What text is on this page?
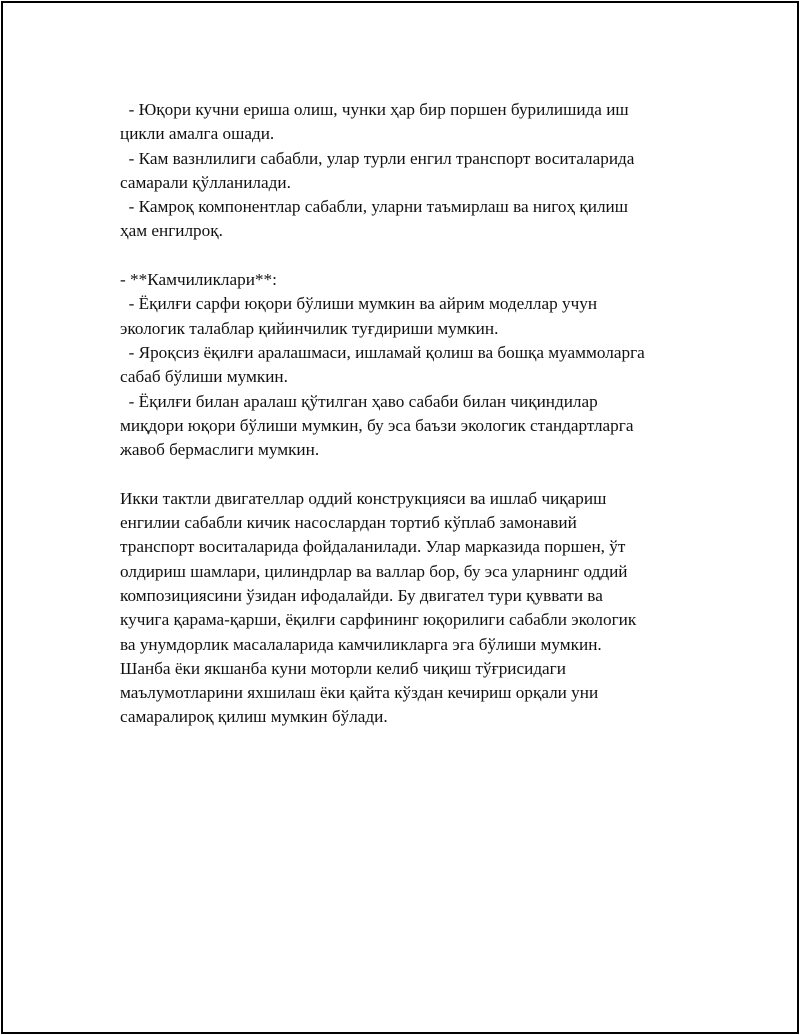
- Юқори кучни ериша олиш, чунки ҳар бир поршен бурилишида иш
цикли амалга ошади.
- Кам вазнлилиги сабабли, улар турли енгил транспорт воситаларида
самарали қўлланилади.
- Камроқ компонентлар сабабли, уларни таъмирлаш ва нигоҳ қилиш
ҳам енгилроқ.
- **Камчиликлари**:
- Ёқилғи сарфи юқори бўлиши мумкин ва айрим моделлар учун
экологик талаблар қийинчилик туғдириши мумкин.
- Яроқсиз ёқилғи аралашмаси, ишламай қолиш ва бошқа муаммоларга
сабаб бўлиши мумкин.
- Ёқилғи билан аралаш қўтилган ҳаво сабаби билан чиқиндилар
миқдори юқори бўлиши мумкин, бу эса баъзи экологик стандартларга
жавоб бермаслиги мумкин.
Икки тактли двигателлар оддий конструкцияси ва ишлаб чиқариш
енгилии сабабли кичик насослардан тортиб кўплаб замонавий
транспорт воситаларида фойдаланилади. Улар марказида поршен, ўт
олдириш шамлари, цилиндрлар ва валлар бор, бу эса уларнинг оддий
композициясини ўзидан ифодалайди. Бу двигател тури қуввати ва
кучига қарама-қарши, ёқилғи сарфининг юқорилиги сабабли экологик
ва унумдорлик масалаларида камчиликларга эга бўлиши мумкин.
Шанба ёки якшанба куни моторли келиб чиқиш тўғрисидаги
маълумотларини яхшилаш ёки қайта кўздан кечириш орқали уни
самаралироқ қилиш мумкин бўлади.
